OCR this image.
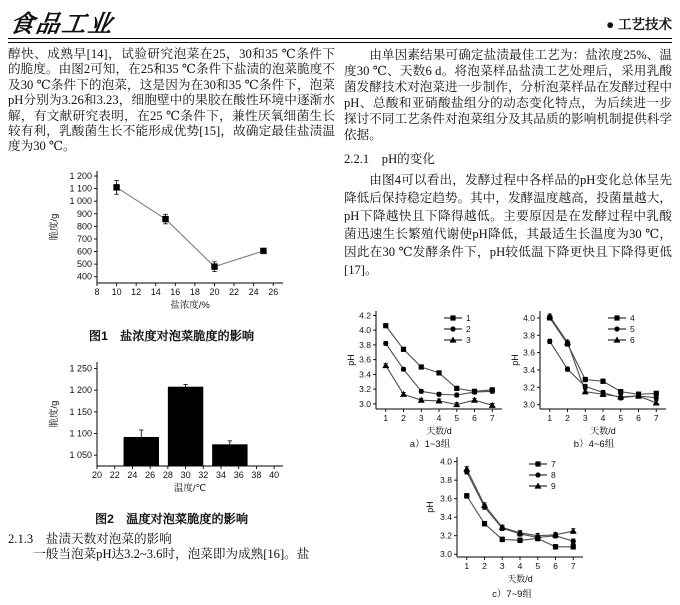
食品工业	● 工艺技术

醇快、成熟早[14]，试验研究泡菜在25，30和35 ℃条件下的脆度。由图2可知，在25和35 ℃条件下盐渍的泡菜脆度不及30 ℃条件下的泡菜，这是因为在30和35 ℃条件下，泡菜pH分别为3.26和3.23，细胞壁中的果胶在酸性环境中逐渐水解，有文献研究表明，在25 ℃条件下，兼性厌氧细菌生长较有利，乳酸菌生长不能形成优势[15]，故确定最佳盐渍温度为30 ℃。

8 10 12 14 16 18 20 22 24 26
400
500
600
700
800
900
1 000
1 100
1 200
盐浓度/%
脆度/g
图1　盐浓度对泡菜脆度的影响
20 22 24 26 28 30 32 34 36 38 40
1 050
1 100
1 150
1 200
1 250
温度/℃
脆度/g
图2　温度对泡菜脆度的影响
2.1.3　盐渍天数对泡菜的影响

一般当泡菜pH达3.2~3.6时，泡菜即为成熟[16]。盐

由单因素结果可确定盐渍最佳工艺为：盐浓度25%、温度30 ℃、天数6 d。将泡菜样品盐渍工艺处理后，采用乳酸菌发酵技术对泡菜进一步制作，分析泡菜样品在发酵过程中pH、总酸和亚硝酸盐组分的动态变化特点，为后续进一步探讨不同工艺条件对泡菜组分及其品质的影响机制提供科学依据。

2.2.1　pH的变化

由图4可以看出，发酵过程中各样品的pH变化总体呈先降低后保持稳定趋势。其中，发酵温度越高，投菌量越大，pH下降越快且下降得越低。主要原因是在发酵过程中乳酸菌迅速生长繁殖代谢使pH降低，其最适生长温度为30 ℃，因此在30 ℃发酵条件下，pH较低温下降更快且下降得更低[17]。

1 2 3 4 5 6 7
3.0
3.2
3.4
3.6
3.8
4.0
4.2
天数/d
pH
a）1~3组
1
2
3
1 2 3 4 5 6 7
3.0
3.2
3.4
3.6
3.8
4.0
天数/d
pH
b）4~6组
4
5
6
1 2 3 4 5 6 7
3.0
3.2
3.4
3.6
3.8
4.0
天数/d
pH
c）7~9组
7
8
9
